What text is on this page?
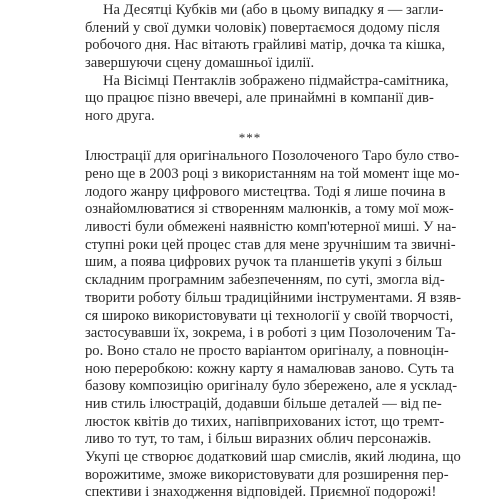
На Десятці Кубків ми (або в цьому випадку я — загли-
блений у свої думки чоловік) повертаємося додому після
робочого дня. Нас вітають грайливі матір, дочка та кішка,
завершуючи сцену домашньої ідилії.
На Вісімці Пентаклів зображено підмайстра-самітника,
що працює пізно ввечері, але принаймні в компанії див-
ного друга.
***
Ілюстрації для оригінального Позолоченого Таро було ство-
рено ще в 2003 році з використанням на той момент іще мо-
лодого жанру цифрового мистецтва. Тоді я лише почина в
ознайомлюватися зі створенням малюнків, а тому мої мож-
ливості були обмежені наявністю комп'ютерної миші. У на-
ступні роки цей процес став для мене зручнішим та звичні-
шим, а поява цифрових ручок та планшетів укупі з більш
складним програмним забезпеченням, по суті, змогла від-
творити роботу більш традиційними інструментами. Я взяв-
ся широко використовувати ці технології у своїй творчості,
застосувавши їх, зокрема, і в роботі з цим Позолоченим Та-
ро. Воно стало не просто варіантом оригіналу, а повноцін-
ною переробкою: кожну карту я намалював заново. Суть та
базову композицію оригіналу було збережено, але я усклад-
нив стиль ілюстрацій, додавши більше деталей — від пе-
люсток квітів до тихих, напівприхованих істот, що тремт-
ливо то тут, то там, і більш виразних облич персонажів.
Укупі це створює додатковий шар смислів, який людина, що
ворожитиме, зможе використовувати для розширення пер-
спективи і знаходження відповідей. Приємної подорожі!
